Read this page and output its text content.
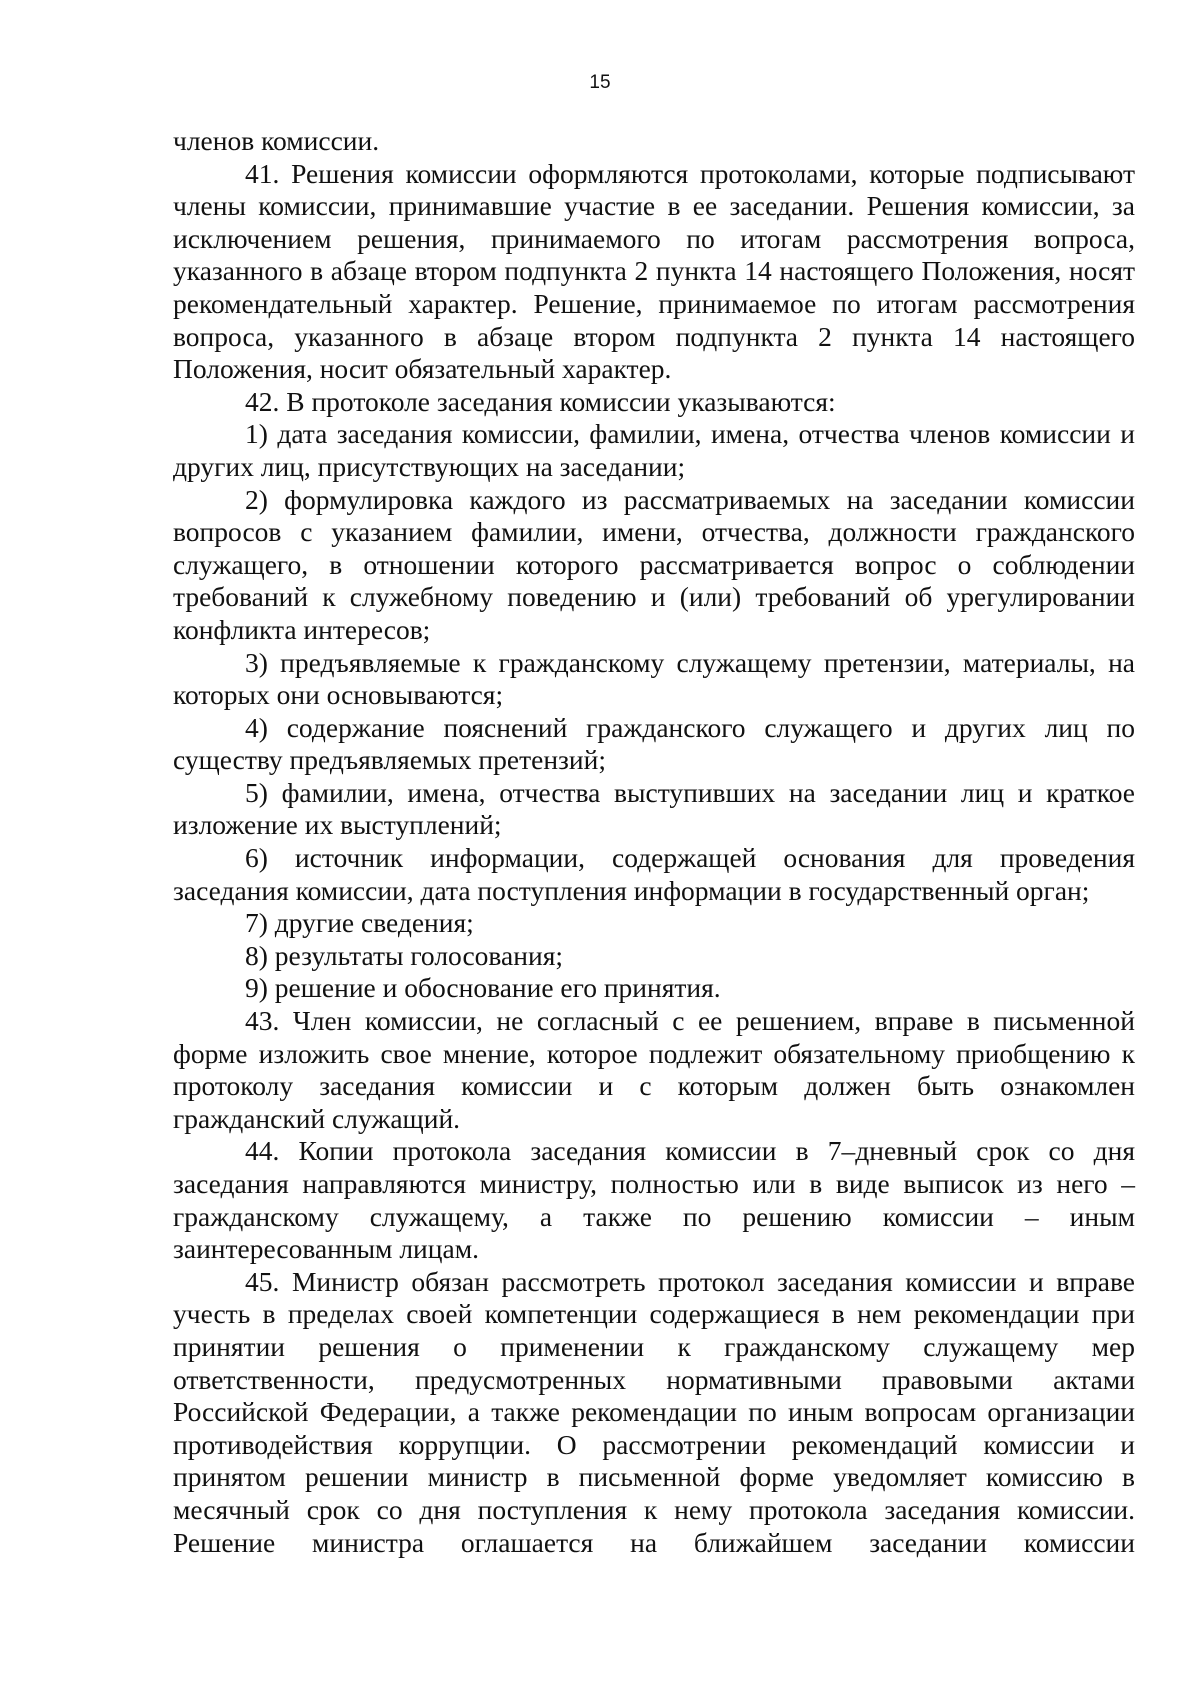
15

членов комиссии.

41. Решения комиссии оформляются протоколами, которые подписывают члены комиссии, принимавшие участие в ее заседании. Решения комиссии, за исключением решения, принимаемого по итогам рассмотрения вопроса, указанного в абзаце втором подпункта 2 пункта 14 настоящего Положения, носят рекомендательный характер. Решение, принимаемое по итогам рассмотрения вопроса, указанного в абзаце втором подпункта 2 пункта 14 настоящего Положения, носит обязательный характер.

42. В протоколе заседания комиссии указываются:

1) дата заседания комиссии, фамилии, имена, отчества членов комиссии и других лиц, присутствующих на заседании;

2) формулировка каждого из рассматриваемых на заседании комиссии вопросов с указанием фамилии, имени, отчества, должности гражданского служащего, в отношении которого рассматривается вопрос о соблюдении требований к служебному поведению и (или) требований об урегулировании конфликта интересов;

3) предъявляемые к гражданскому служащему претензии, материалы, на которых они основываются;

4) содержание пояснений гражданского служащего и других лиц по существу предъявляемых претензий;

5) фамилии, имена, отчества выступивших на заседании лиц и краткое изложение их выступлений;

6) источник информации, содержащей основания для проведения заседания комиссии, дата поступления информации в государственный орган;

7) другие сведения;

8) результаты голосования;

9) решение и обоснование его принятия.

43. Член комиссии, не согласный с ее решением, вправе в письменной форме изложить свое мнение, которое подлежит обязательному приобщению к протоколу заседания комиссии и с которым должен быть ознакомлен гражданский служащий.

44. Копии протокола заседания комиссии в 7–дневный срок со дня заседания направляются министру, полностью или в виде выписок из него – гражданскому служащему, а также по решению комиссии – иным заинтересованным лицам.

45. Министр обязан рассмотреть протокол заседания комиссии и вправе учесть в пределах своей компетенции содержащиеся в нем рекомендации при принятии решения о применении к гражданскому служащему мер ответственности, предусмотренных нормативными правовыми актами Российской Федерации, а также рекомендации по иным вопросам организации противодействия коррупции. О рассмотрении рекомендаций комиссии и принятом решении министр в письменной форме уведомляет комиссию в месячный срок со дня поступления к нему протокола заседания комиссии. Решение министра оглашается на ближайшем заседании комиссии
